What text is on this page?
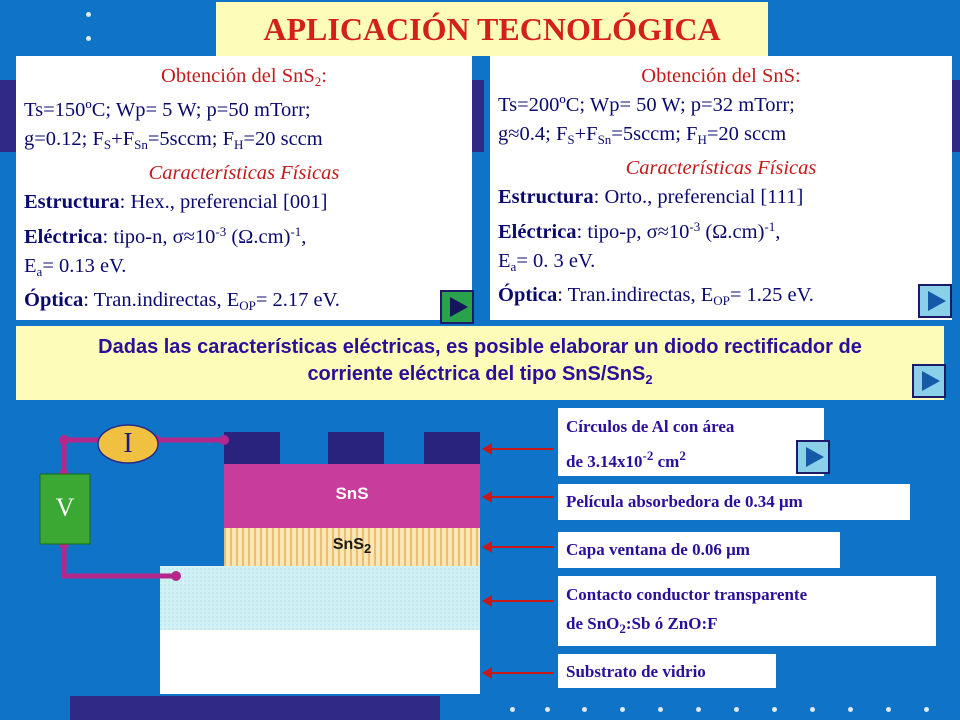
APLICACIÓN TECNOLÓGICA
Obtención del SnS$_2$:
Ts=150ºC; Wp= 5 W; p=50 mTorr;
g=0.12; $F_S+F_{Sn}=5sccm$; $F_H=20$ sccm
Características Físicas
Estructura: Hex., preferencial [001]
Eléctrica: tipo-n, $\sigma\approx 10^{-3}$ $(\Omega.cm)^{-1}$,
$E_a= 0.13$ eV.
Óptica: Tran.indirectas, $E_{OP}= 2.17$ eV.
Obtención del SnS:
Ts=200ºC; Wp= 50 W; p=32 mTorr;
g≈0.4; $F_S+F_{Sn}=5sccm$; $F_H=20$ sccm
Características Físicas
Estructura: Orto., preferencial [111]
Eléctrica: tipo-p, $\sigma\approx 10^{-3}$ $(\Omega.cm)^{-1}$,
$E_a= 0$. 3 eV.
Óptica: Tran.indirectas, $E_{OP}= 1.25$ eV.
Dadas las características eléctricas, es posible elaborar un diodo rectificador de
corriente eléctrica del tipo SnS/SnS$_2$
I
V	SnS
SnS$_2$
Círculos de Al con área
de $3.14x10^{-2}$ $cm^2$
Película absorbedora de 0.34 μm
Capa ventana de 0.06 μm
Contacto conductor transparente
de SnO$_2$:Sb ó ZnO:F
Substrato de vidrio
